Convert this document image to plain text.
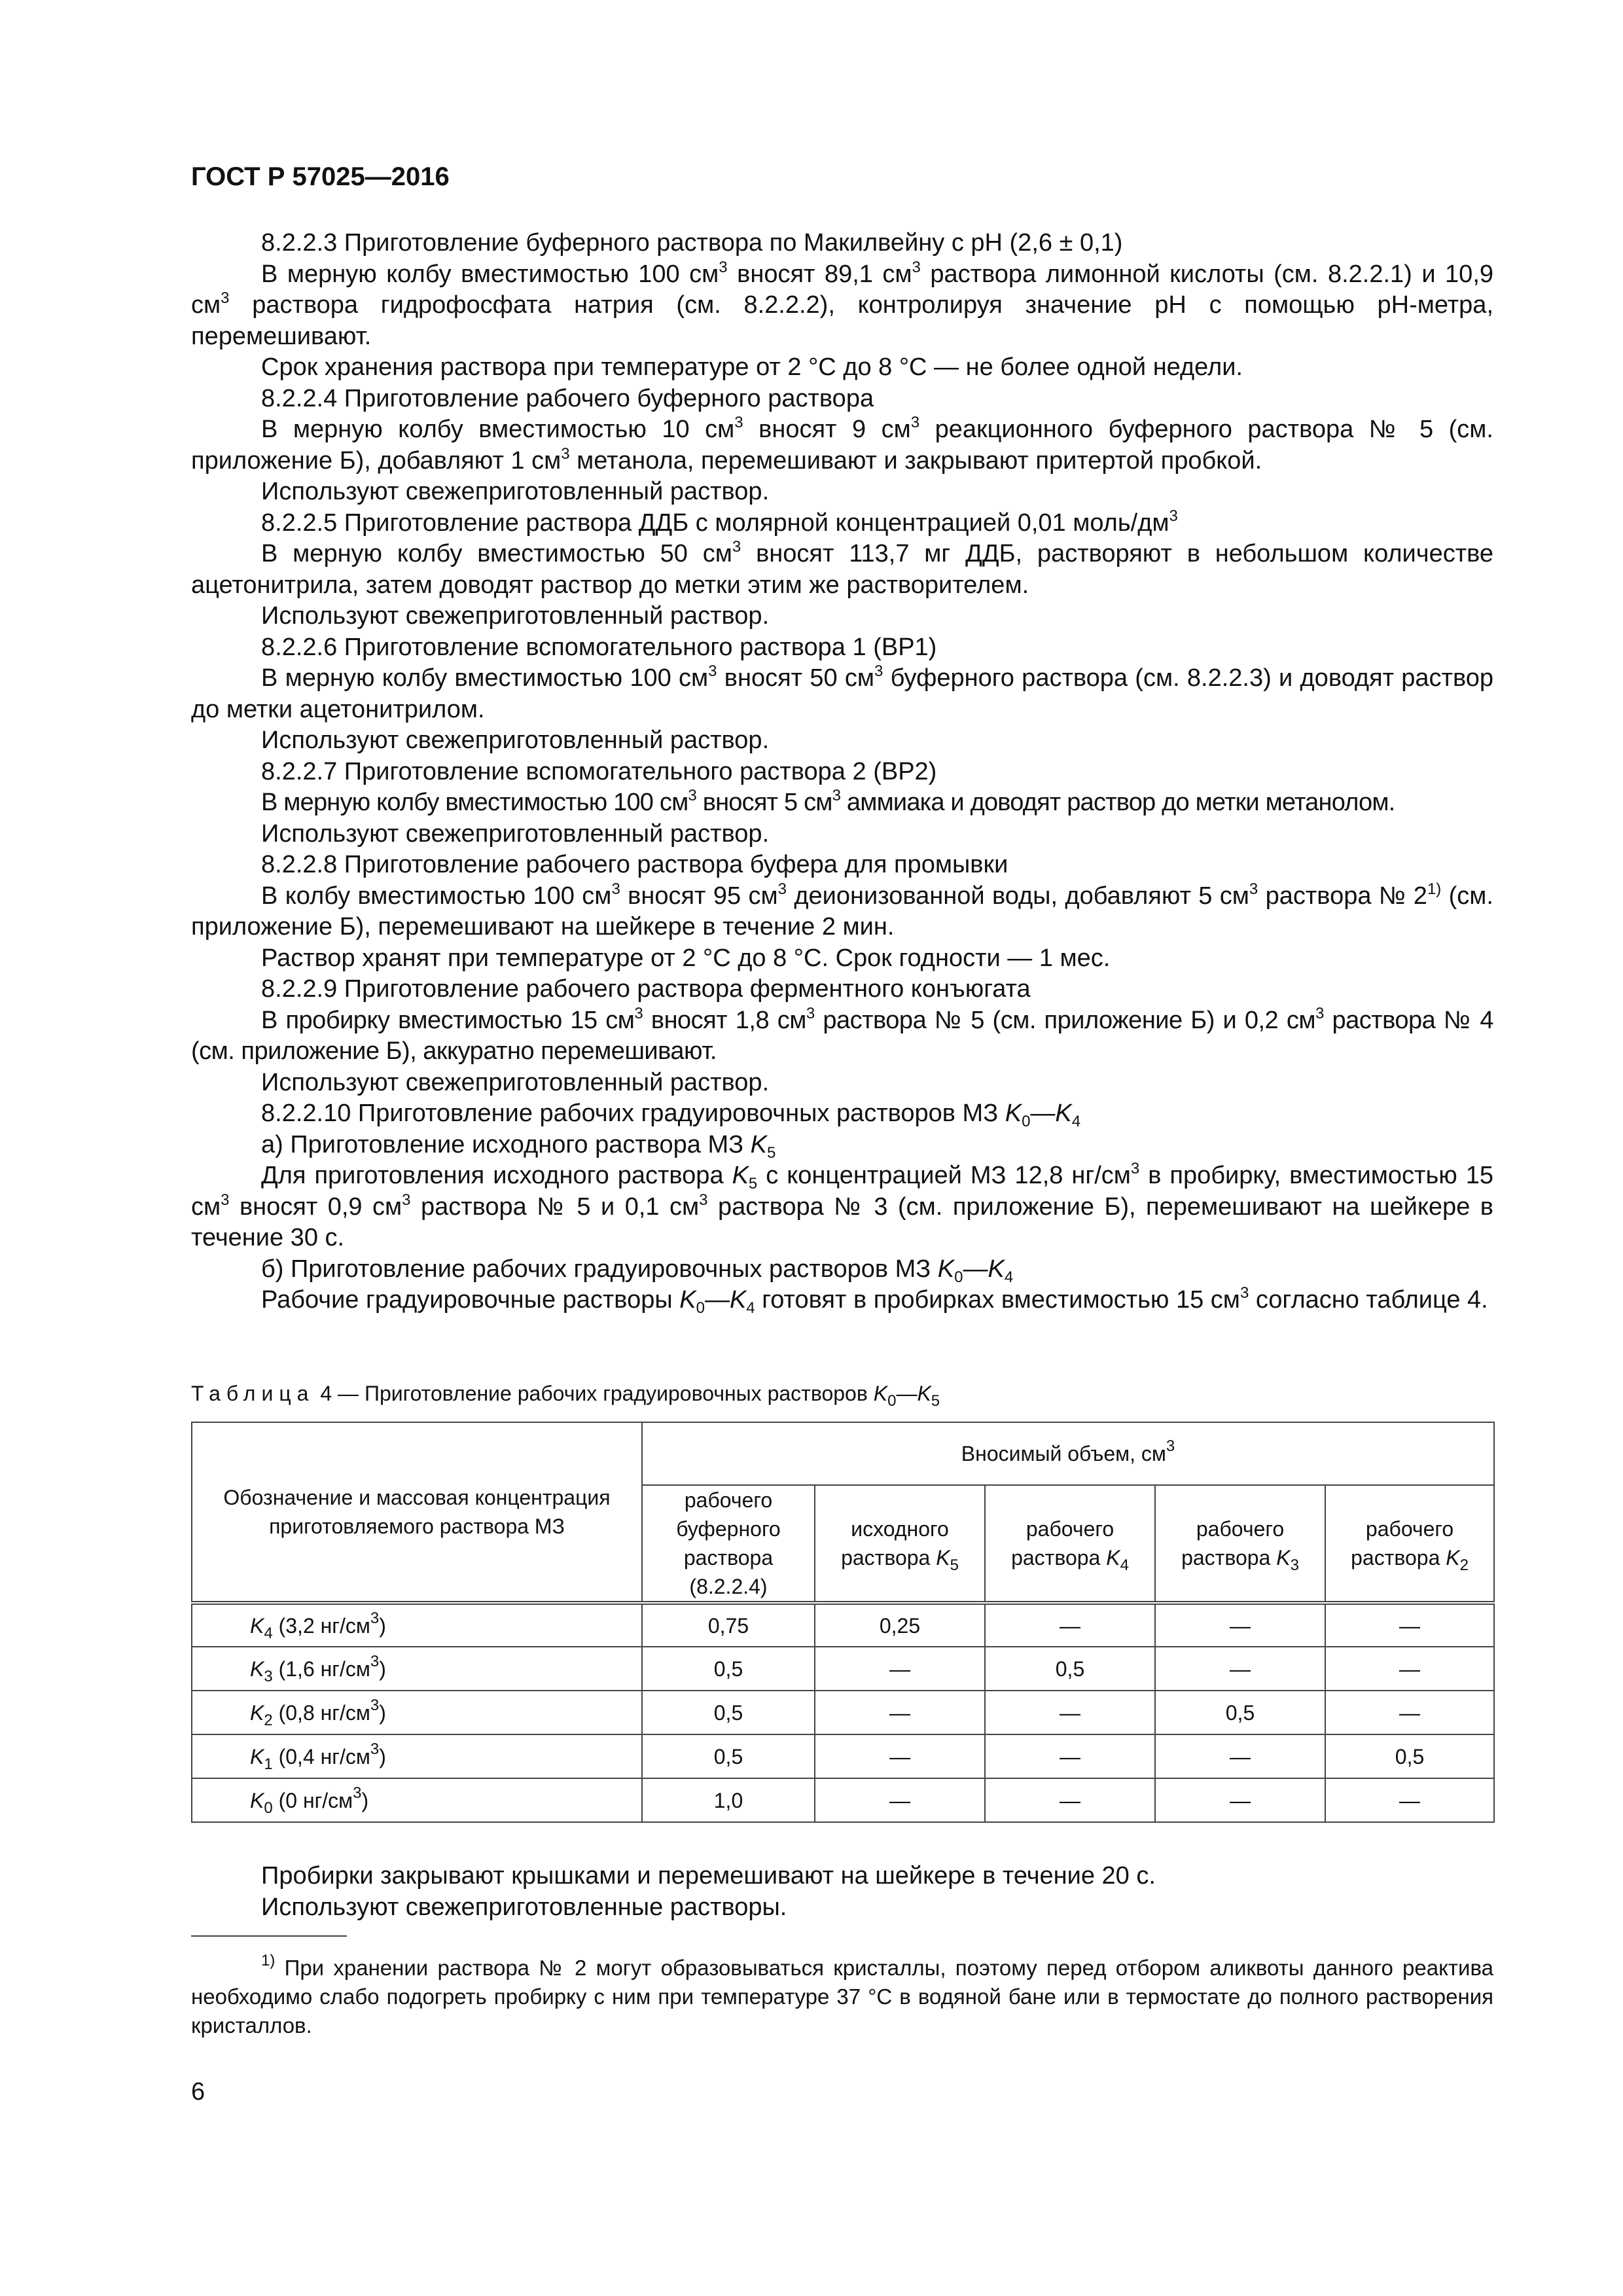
ГОСТ Р 57025—2016

8.2.2.3 Приготовление буферного раствора по Макилвейну с pH (2,6 ± 0,1)

В мерную колбу вместимостью 100 $см^3$ вносят 89,1 $см^3$ раствора лимонной кислоты (см. 8.2.2.1) и 10,9 $см^3$ раствора гидрофосфата натрия (см. 8.2.2.2), контролируя значение pH с помощью pH-метра, перемешивают.

Срок хранения раствора при температуре от 2 °С до 8 °С — не более одной недели.

8.2.2.4 Приготовление рабочего буферного раствора

В мерную колбу вместимостью 10 $см^3$ вносят 9 $см^3$ реакционного буферного раствора № 5 (см. приложение Б), добавляют 1 $см^3$ метанола, перемешивают и закрывают притертой пробкой.

Используют свежеприготовленный раствор.

8.2.2.5 Приготовление раствора ДДБ с молярной концентрацией 0,01 моль/$дм^3$

В мерную колбу вместимостью 50 $см^3$ вносят 113,7 мг ДДБ, растворяют в небольшом количестве ацетонитрила, затем доводят раствор до метки этим же растворителем.

Используют свежеприготовленный раствор.

8.2.2.6 Приготовление вспомогательного раствора 1 (ВР1)

В мерную колбу вместимостью 100 $см^3$ вносят 50 $см^3$ буферного раствора (см. 8.2.2.3) и доводят раствор до метки ацетонитрилом.

Используют свежеприготовленный раствор.

8.2.2.7 Приготовление вспомогательного раствора 2 (ВР2)

В мерную колбу вместимостью 100 $см^3$ вносят 5 $см^3$ аммиака и доводят раствор до метки метанолом.

Используют свежеприготовленный раствор.

8.2.2.8 Приготовление рабочего раствора буфера для промывки

В колбу вместимостью 100 $см^3$ вносят 95 $см^3$ деионизованной воды, добавляют 5 $см^3$ раствора № 2$^{1)}$ (см. приложение Б), перемешивают на шейкере в течение 2 мин.

Раствор хранят при температуре от 2 °С до 8 °С. Срок годности — 1 мес.

8.2.2.9 Приготовление рабочего раствора ферментного конъюгата

В пробирку вместимостью 15 $см^3$ вносят 1,8 $см^3$ раствора № 5 (см. приложение Б) и 0,2 $см^3$ раствора № 4 (см. приложение Б), аккуратно перемешивают.

Используют свежеприготовленный раствор.

8.2.2.10 Приготовление рабочих градуировочных растворов МЗ $K_0—K_4$

а) Приготовление исходного раствора МЗ $K_5$

Для приготовления исходного раствора $K_5$ с концентрацией МЗ 12,8 $нг/см^3$ в пробирку, вместимостью 15 $см^3$ вносят 0,9 $см^3$ раствора № 5 и 0,1 $см^3$ раствора № 3 (см. приложение Б), перемешивают на шейкере в течение 30 с.

б) Приготовление рабочих градуировочных растворов МЗ $K_0—K_4$

Рабочие градуировочные растворы $K_0—K_4$ готовят в пробирках вместимостью 15 $см^3$ согласно таблице 4.

Таблица 4 — Приготовление рабочих градуировочных растворов $K_0—K_5$
Обозначение и массовая концентрация приготовляемого раствора МЗ	Вносимый объем, $см^3$
	рабочего буферного раствора (8.2.2.4)	исходного раствора $K_5$	рабочего раствора $K_4$	рабочего раствора $K_3$	рабочего раствора $K_2$
$K_4$ (3,2 $нг/см^3$)	0,75	0,25	—	—	—
$K_3$ (1,6 $нг/см^3$)	0,5	—	0,5	—	—
$K_2$ (0,8 $нг/см^3$)	0,5	—	—	0,5	—
$K_1$ (0,4 $нг/см^3$)	0,5	—	—	—	0,5
$K_0$ (0 $нг/см^3$)	1,0	—	—	—	—

Пробирки закрывают крышками и перемешивают на шейкере в течение 20 с.

Используют свежеприготовленные растворы.

$^{1)}$ При хранении раствора № 2 могут образовываться кристаллы, поэтому перед отбором аликвоты данного реактива необходимо слабо подогреть пробирку с ним при температуре 37 °С в водяной бане или в термостате до полного растворения кристаллов.

6
